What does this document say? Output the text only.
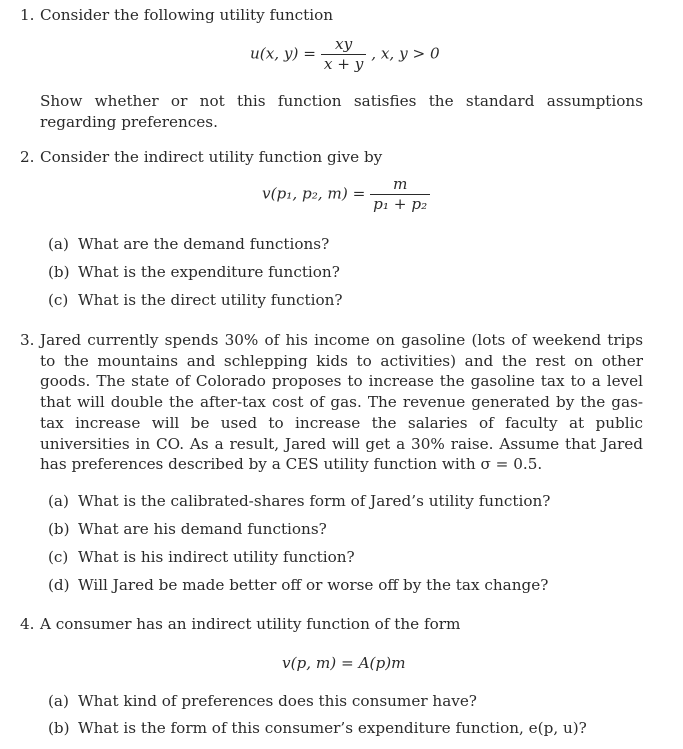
1. Consider the following utility function
u(x, $y) = \frac{xy}{x + y}$ , x, y > 0
Show whether or not this function satisfies the standard assumptions regarding preferences.
2. Consider the indirect utility function give by
v(p₁, p₂, $m) = \frac{m}{\text{p₁ + p₂}}$
(a) What are the demand functions?
(b) What is the expenditure function?
(c) What is the direct utility function?
3. Jared currently spends 30% of his income on gasoline (lots of weekend trips to the mountains and schlepping kids to activities) and the rest on other goods. The state of Colorado proposes to increase the gasoline tax to a level that will double the after-tax cost of gas. The revenue generated by the gas-tax increase will be used to increase the salaries of faculty at public universities in CO. As a result, Jared will get a 30% raise. Assume that Jared has preferences described by a CES utility function with σ = 0.5.
(a) What is the calibrated-shares form of Jared’s utility function?
(b) What are his demand functions?
(c) What is his indirect utility function?
(d) Will Jared be made better off or worse off by the tax change?
4. A consumer has an indirect utility function of the form
v(p, m) = A(p)m
(a) What kind of preferences does this consumer have?
(b) What is the form of this consumer’s expenditure function, e(p, u)?
